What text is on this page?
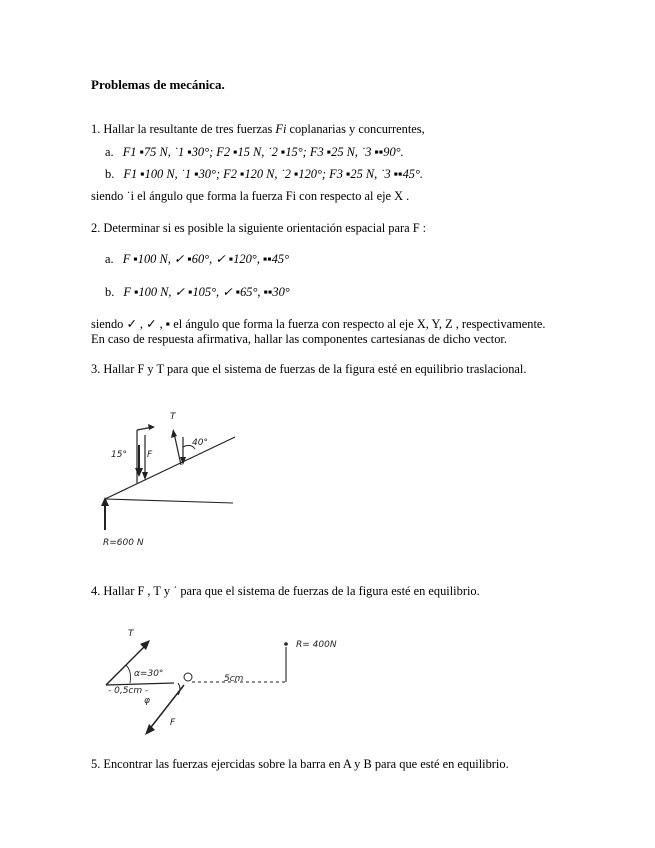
Problemas de mecánica.
1. Hallar la resultante de tres fuerzas Fi coplanarias y concurrentes,
a. F1 ▪75 N, ˙1 ▪30°; F2 ▪15 N, ˙2 ▪15°; F3 ▪25 N, ˙3 ▪▪90°.
b. F1 ▪100 N, ˙1 ▪30°; F2 ▪120 N, ˙2 ▪120°; F3 ▪25 N, ˙3 ▪▪45°.
siendo ˙i el ángulo que forma la fuerza Fi con respecto al eje X .
2. Determinar si es posible la siguiente orientación espacial para F :
a. F ▪100 N, ✓ ▪60°, ✓ ▪120°, ▪▪45°
b. F ▪100 N, ✓ ▪105°, ✓ ▪65°, ▪▪30°
siendo ✓ , ✓ , ▪ el ángulo que forma la fuerza con respecto al eje X, Y, Z , respectivamente.
En caso de respuesta afirmativa, hallar las componentes cartesianas de dicho vector.
3. Hallar F y T para que el sistema de fuerzas de la figura esté en equilibrio traslacional.
15° F
T
40°
R=600 N
4. Hallar F , T y ˈ para que el sistema de fuerzas de la figura esté en equilibrio.
T
α=30°
- 0,5cm -
5cm
R= 400N
φ
F
5. Encontrar las fuerzas ejercidas sobre la barra en A y B para que esté en equilibrio.
